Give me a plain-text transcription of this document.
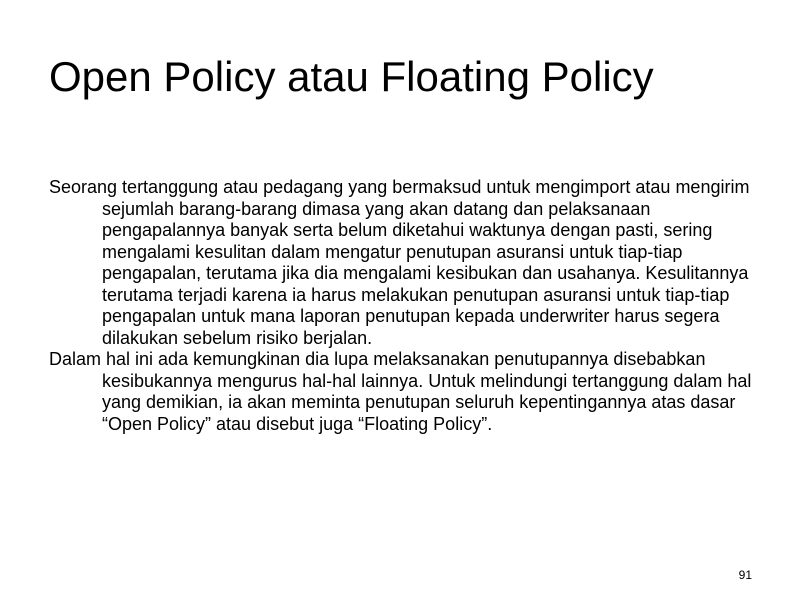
Open Policy atau Floating Policy

Seorang tertanggung atau pedagang yang bermaksud untuk mengimport atau mengirim sejumlah barang-barang dimasa yang akan datang dan pelaksanaan pengapalannya banyak serta belum diketahui waktunya dengan pasti, sering mengalami kesulitan dalam mengatur penutupan asuransi untuk tiap-tiap pengapalan, terutama jika dia mengalami kesibukan dan usahanya. Kesulitannya terutama terjadi karena ia harus melakukan penutupan asuransi untuk tiap-tiap pengapalan untuk mana laporan penutupan kepada underwriter harus segera dilakukan sebelum risiko berjalan.

Dalam hal ini ada kemungkinan dia lupa melaksanakan penutupannya disebabkan kesibukannya mengurus hal-hal lainnya. Untuk melindungi tertanggung dalam hal yang demikian, ia akan meminta penutupan seluruh kepentingannya atas dasar “Open Policy” atau disebut juga “Floating Policy”.

91
